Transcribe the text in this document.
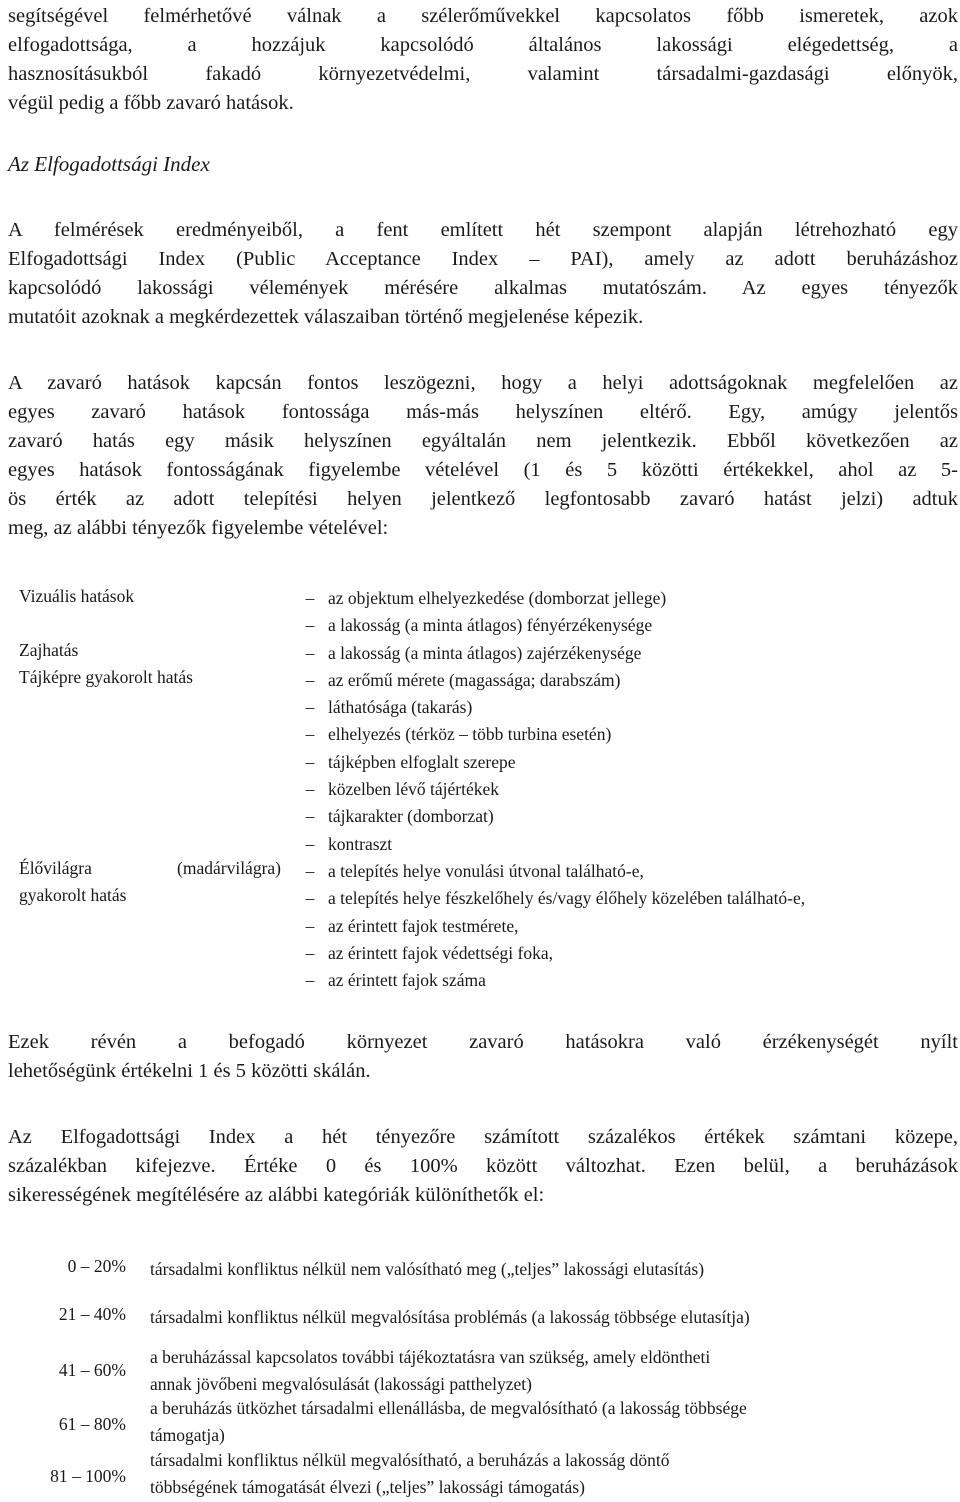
segítségével felmérhetővé válnak a szélerőművekkel kapcsolatos főbb ismeretek, azok
elfogadottsága, a hozzájuk kapcsolódó általános lakossági elégedettség, a
hasznosításukból fakadó környezetvédelmi, valamint társadalmi-gazdasági előnyök,
végül pedig a főbb zavaró hatások.
Az Elfogadottsági Index
A felmérések eredményeiből, a fent említett hét szempont alapján létrehozható egy
Elfogadottsági Index (Public Acceptance Index – PAI), amely az adott beruházáshoz
kapcsolódó lakossági vélemények mérésére alkalmas mutatószám. Az egyes tényezők
mutatóit azoknak a megkérdezettek válaszaiban történő megjelenése képezik.
A zavaró hatások kapcsán fontos leszögezni, hogy a helyi adottságoknak megfelelően az
egyes zavaró hatások fontossága más-más helyszínen eltérő. Egy, amúgy jelentős
zavaró hatás egy másik helyszínen egyáltalán nem jelentkezik. Ebből következően az
egyes hatások fontosságának figyelembe vételével (1 és 5 közötti értékekkel, ahol az 5-
ös érték az adott telepítési helyen jelentkező legfontosabb zavaró hatást jelzi) adtuk
meg, az alábbi tényezők figyelembe vételével:
Vizuális hatások
Zajhatás
Tájképre gyakorolt hatás
Élővilágra	(madárvilágra)
gyakorolt hatás
– az objektum elhelyezkedése (domborzat jellege)
– a lakosság (a minta átlagos) fényérzékenysége
– a lakosság (a minta átlagos) zajérzékenysége
– az erőmű mérete (magassága; darabszám)
– láthatósága (takarás)
– elhelyezés (térköz – több turbina esetén)
– tájképben elfoglalt szerepe
– közelben lévő tájértékek
– tájkarakter (domborzat)
– kontraszt
– a telepítés helye vonulási útvonal található-e,
– a telepítés helye fészkelőhely és/vagy élőhely közelében található-e,
– az érintett fajok testmérete,
– az érintett fajok védettségi foka,
– az érintett fajok száma
Ezek révén a befogadó környezet zavaró hatásokra való érzékenységét nyílt
lehetőségünk értékelni 1 és 5 közötti skálán.
Az Elfogadottsági Index a hét tényezőre számított százalékos értékek számtani közepe,
százalékban kifejezve. Értéke 0 és 100% között változhat. Ezen belül, a beruházások
sikerességének megítélésére az alábbi kategóriák különíthetők el:
0 – 20% társadalmi konfliktus nélkül nem valósítható meg („teljes” lakossági elutasítás)
21 – 40% társadalmi konfliktus nélkül megvalósítása problémás (a lakosság többsége elutasítja)
41 – 60%
a beruházással kapcsolatos további tájékoztatásra van szükség, amely eldöntheti
annak jövőbeni megvalósulását (lakossági patthelyzet)
61 – 80%
a beruházás ütközhet társadalmi ellenállásba, de megvalósítható (a lakosság többsége
támogatja)
81 – 100%
társadalmi konfliktus nélkül megvalósítható, a beruházás a lakosság döntő
többségének támogatását élvezi („teljes” lakossági támogatás)
